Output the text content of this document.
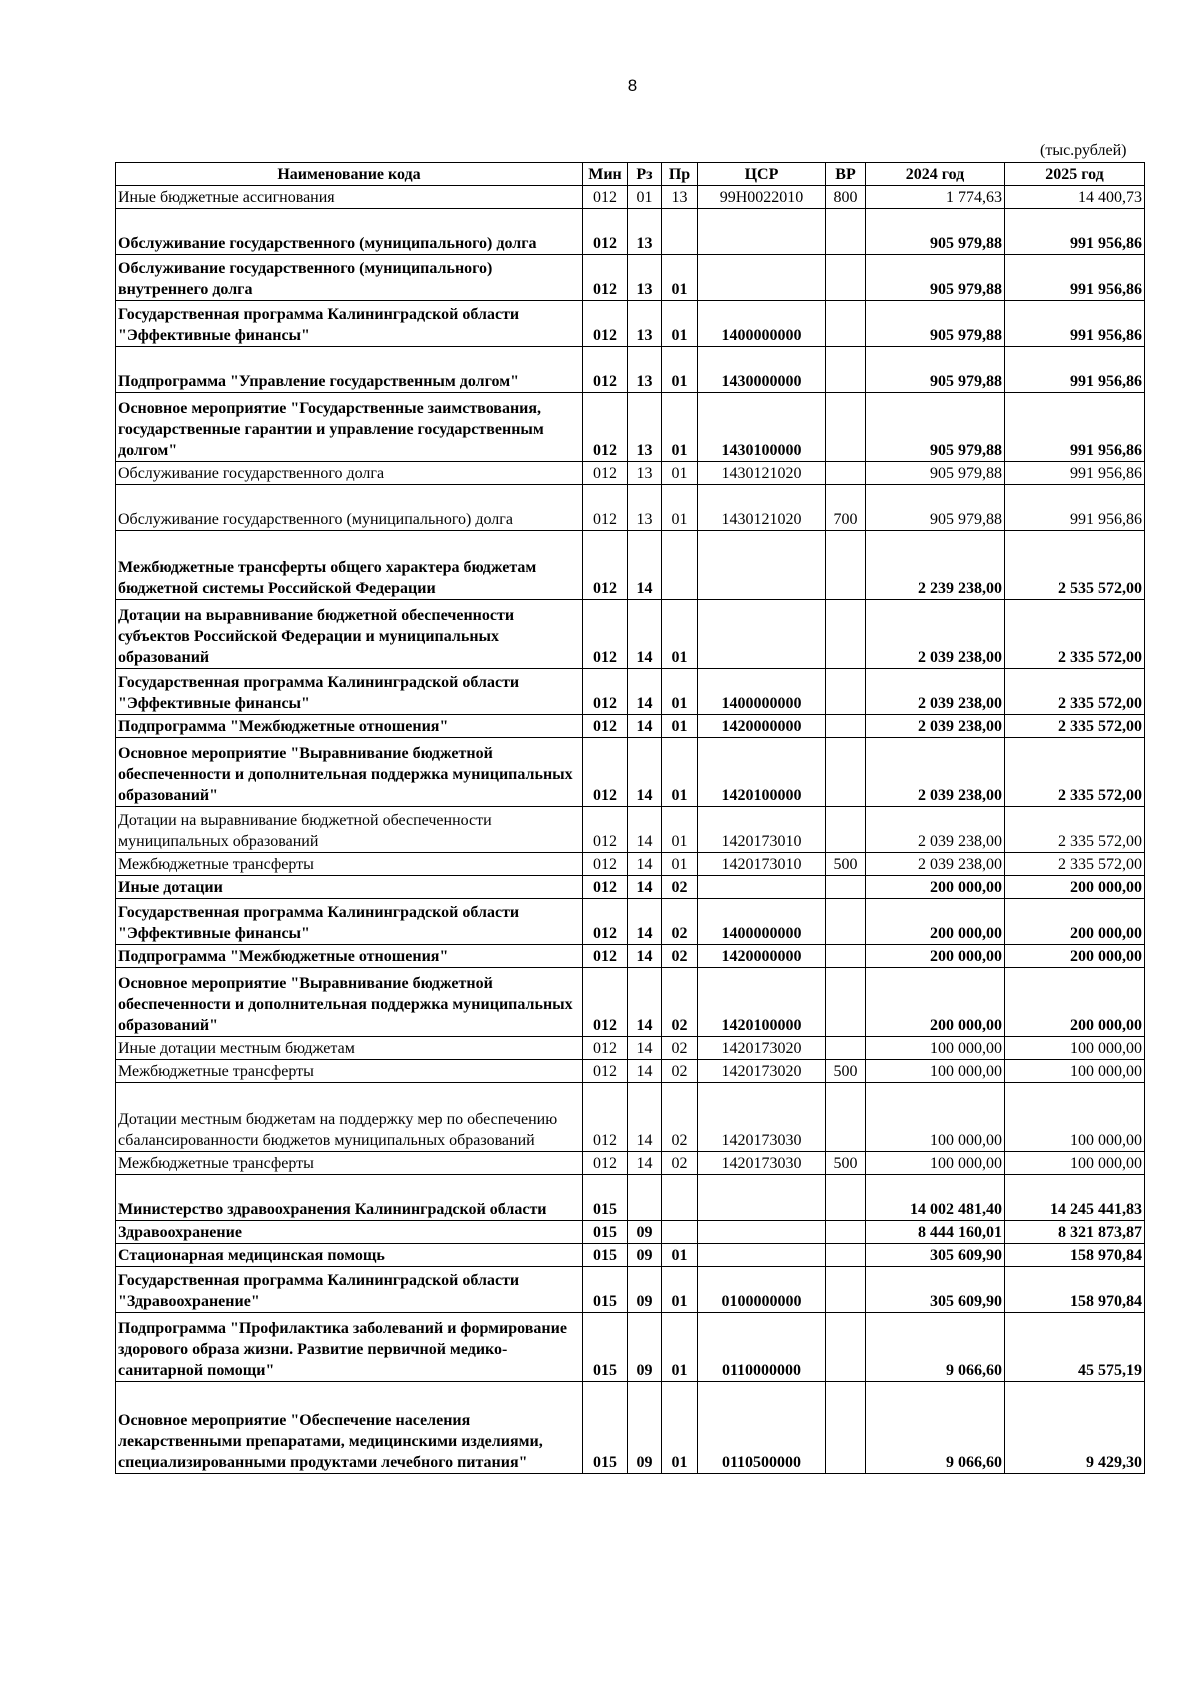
8
(тыс.рублей)
Наименование кода	Мин	Рз	Пр	ЦСР	ВР	2024 год	2025 год
Иные бюджетные ассигнования	012	01	13	99Н0022010	800	1 774,63	14 400,73
Обслуживание государственного (муниципального) долга	012	13				905 979,88	991 956,86
Обслуживание государственного (муниципального) внутреннего долга	012	13	01			905 979,88	991 956,86
Государственная программа Калининградской области "Эффективные финансы"	012	13	01	1400000000		905 979,88	991 956,86
Подпрограмма "Управление государственным долгом"	012	13	01	1430000000		905 979,88	991 956,86
Основное мероприятие "Государственные заимствования, государственные гарантии и управление государственным долгом"	012	13	01	1430100000		905 979,88	991 956,86
Обслуживание государственного долга	012	13	01	1430121020		905 979,88	991 956,86
Обслуживание государственного (муниципального) долга	012	13	01	1430121020	700	905 979,88	991 956,86
Межбюджетные трансферты общего характера бюджетам бюджетной системы Российской Федерации	012	14				2 239 238,00	2 535 572,00
Дотации на выравнивание бюджетной обеспеченности субъектов Российской Федерации и муниципальных образований	012	14	01			2 039 238,00	2 335 572,00
Государственная программа Калининградской области "Эффективные финансы"	012	14	01	1400000000		2 039 238,00	2 335 572,00
Подпрограмма "Межбюджетные отношения"	012	14	01	1420000000		2 039 238,00	2 335 572,00
Основное мероприятие "Выравнивание бюджетной обеспеченности и дополнительная поддержка муниципальных образований"	012	14	01	1420100000		2 039 238,00	2 335 572,00
Дотации на выравнивание бюджетной обеспеченности муниципальных образований	012	14	01	1420173010		2 039 238,00	2 335 572,00
Межбюджетные трансферты	012	14	01	1420173010	500	2 039 238,00	2 335 572,00
Иные дотации	012	14	02			200 000,00	200 000,00
Государственная программа Калининградской области "Эффективные финансы"	012	14	02	1400000000		200 000,00	200 000,00
Подпрограмма "Межбюджетные отношения"	012	14	02	1420000000		200 000,00	200 000,00
Основное мероприятие "Выравнивание бюджетной обеспеченности и дополнительная поддержка муниципальных образований"	012	14	02	1420100000		200 000,00	200 000,00
Иные дотации местным бюджетам	012	14	02	1420173020		100 000,00	100 000,00
Межбюджетные трансферты	012	14	02	1420173020	500	100 000,00	100 000,00
Дотации местным бюджетам на поддержку мер по обеспечению сбалансированности бюджетов муниципальных образований	012	14	02	1420173030		100 000,00	100 000,00
Межбюджетные трансферты	012	14	02	1420173030	500	100 000,00	100 000,00
Министерство здравоохранения Калининградской области	015					14 002 481,40	14 245 441,83
Здравоохранение	015	09				8 444 160,01	8 321 873,87
Стационарная медицинская помощь	015	09	01			305 609,90	158 970,84
Государственная программа Калининградской области "Здравоохранение"	015	09	01	0100000000		305 609,90	158 970,84
Подпрограмма "Профилактика заболеваний и формирование здорового образа жизни. Развитие первичной медико-санитарной помощи"	015	09	01	0110000000		9 066,60	45 575,19
Основное мероприятие "Обеспечение населения лекарственными препаратами, медицинскими изделиями, специализированными продуктами лечебного питания"	015	09	01	0110500000		9 066,60	9 429,30
